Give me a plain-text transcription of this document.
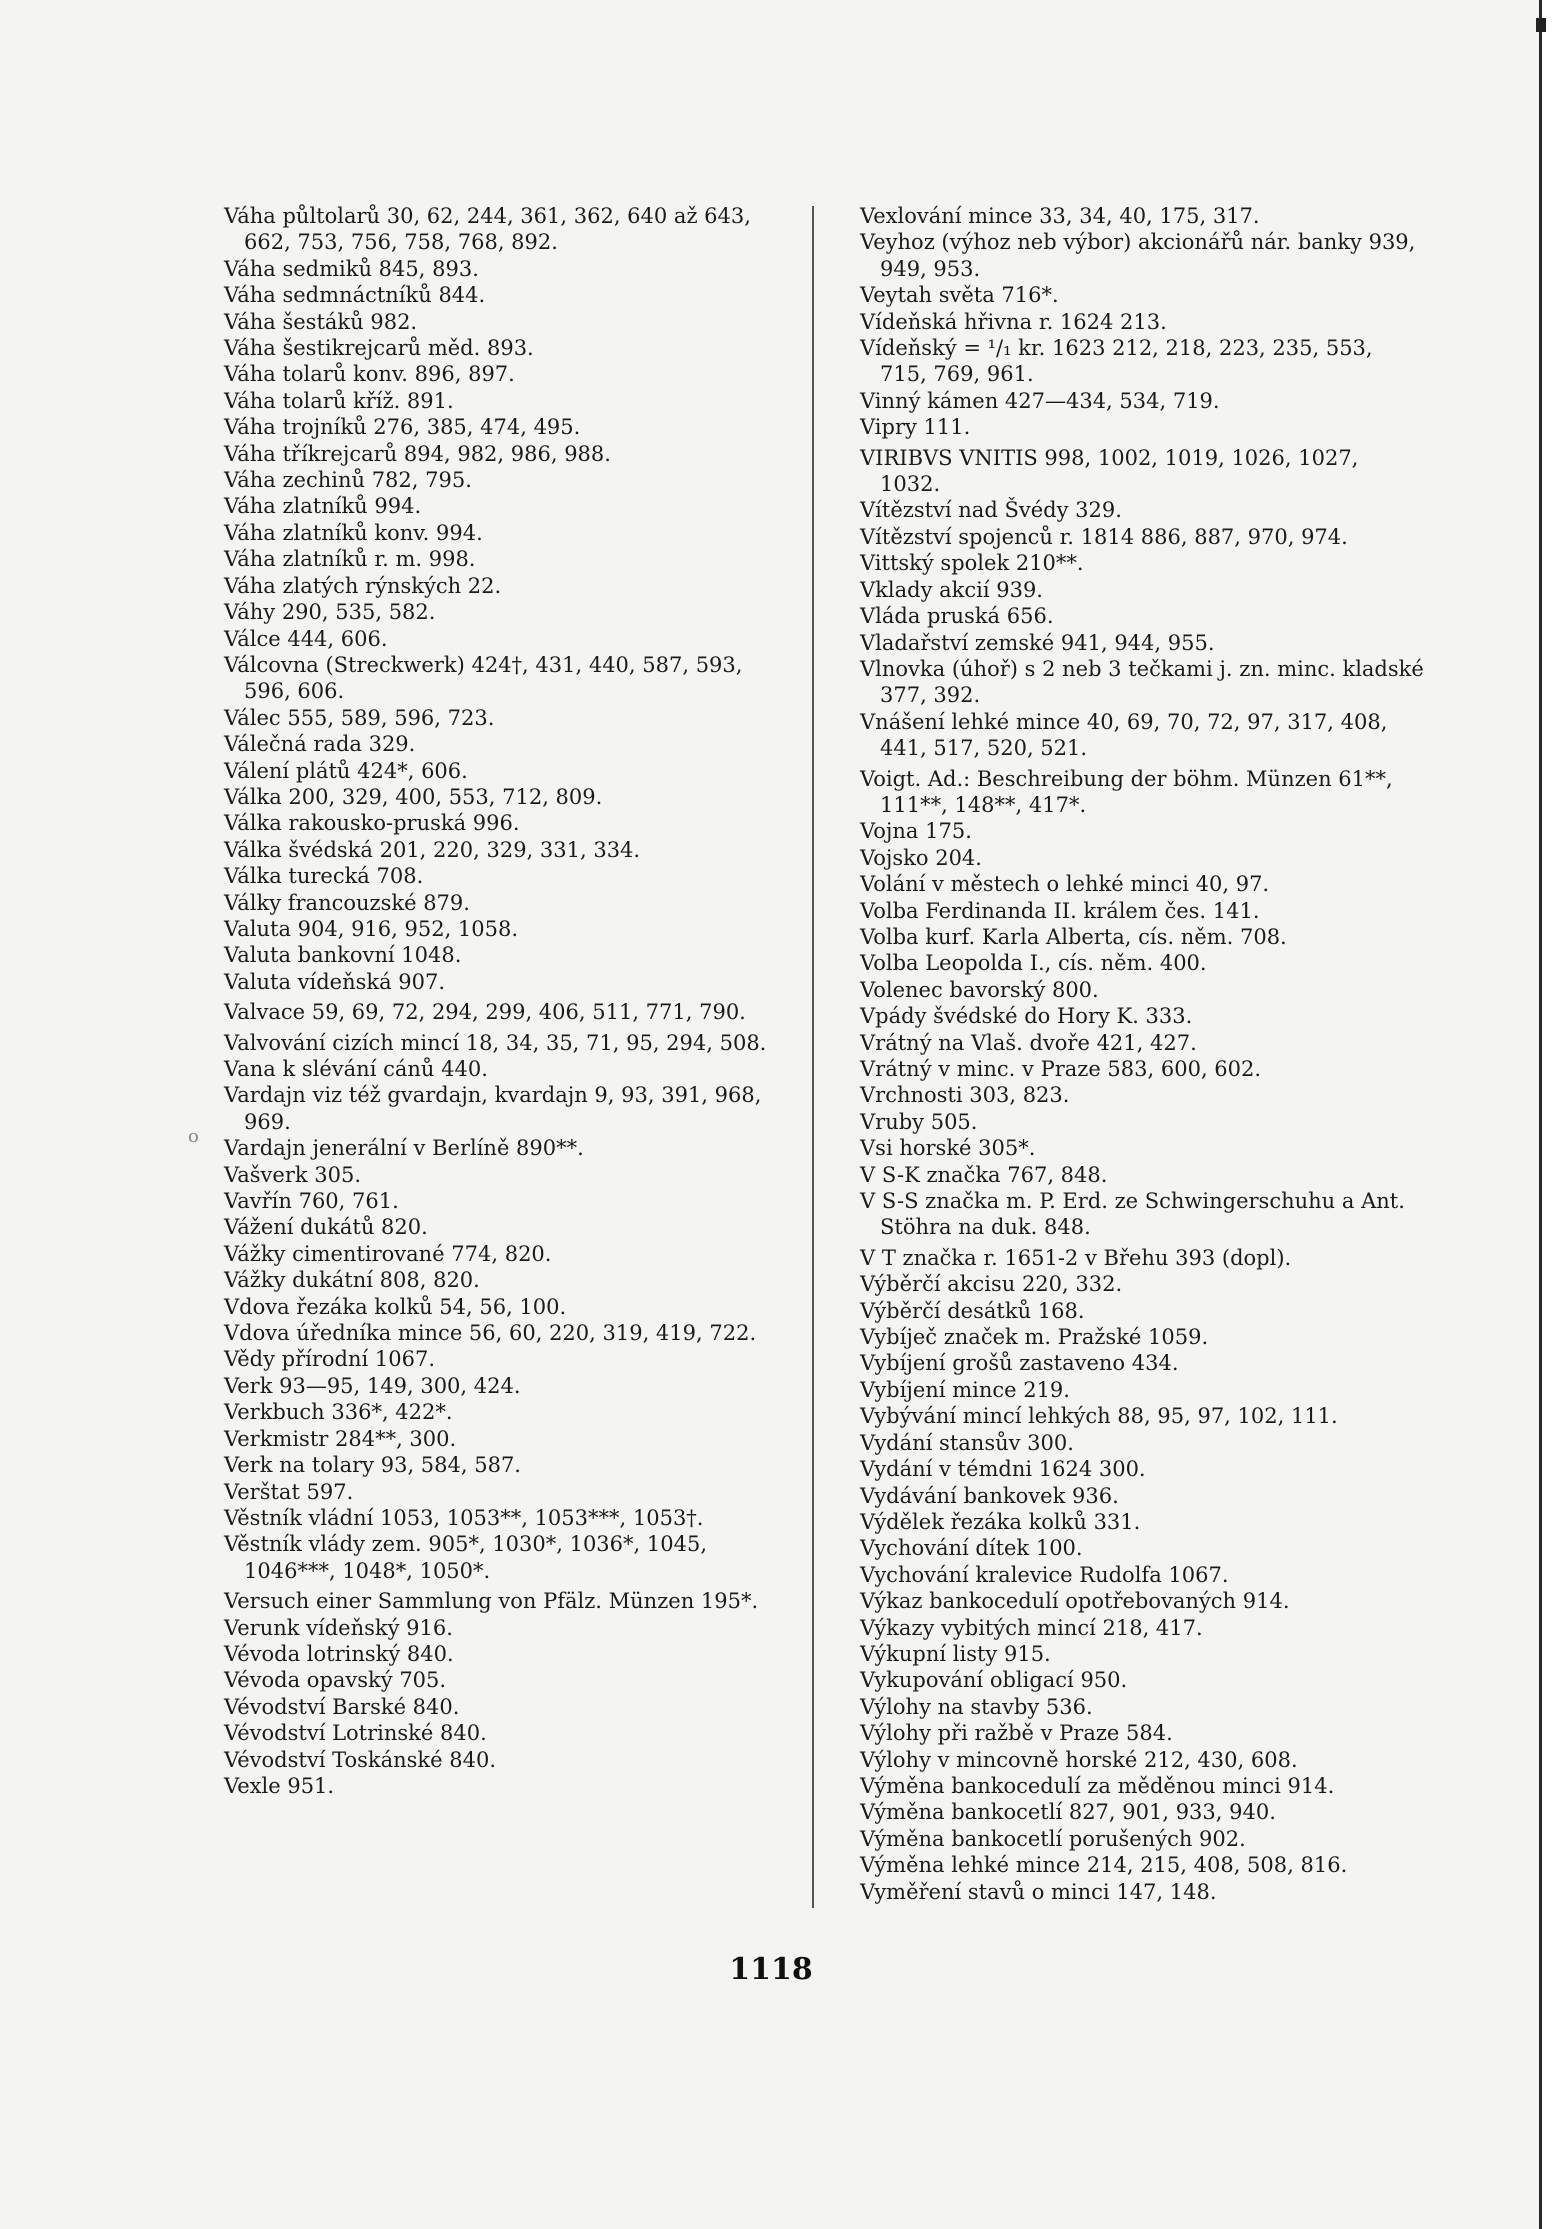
Váha půltolarů 30, 62, 244, 361, 362, 640 až 643, 662, 753, 756, 758, 768, 892.

Váha sedmiků 845, 893.

Váha sedmnáctníků 844.

Váha šestáků 982.

Váha šestikrejcarů měd. 893.

Váha tolarů konv. 896, 897.

Váha tolarů kříž. 891.

Váha trojníků 276, 385, 474, 495.

Váha tříkrejcarů 894, 982, 986, 988.

Váha zechinů 782, 795.

Váha zlatníků 994.

Váha zlatníků konv. 994.

Váha zlatníků r. m. 998.

Váha zlatých rýnských 22.

Váhy 290, 535, 582.

Válce 444, 606.

Válcovna (Streckwerk) 424†, 431, 440, 587, 593, 596, 606.

Válec 555, 589, 596, 723.

Válečná rada 329.

Válení plátů 424*, 606.

Válka 200, 329, 400, 553, 712, 809.

Válka rakousko-pruská 996.

Válka švédská 201, 220, 329, 331, 334.

Válka turecká 708.

Války francouzské 879.

Valuta 904, 916, 952, 1058.

Valuta bankovní 1048.

Valuta vídeňská 907.

Valvace 59, 69, 72, 294, 299, 406, 511, 771, 790.

Valvování cizích mincí 18, 34, 35, 71, 95, 294, 508.

Vana k slévání cánů 440.

Vardajn viz též gvardajn, kvardajn 9, 93, 391, 968, 969.

Vardajn jenerální v Berlíně 890**.

Vašverk 305.

Vavřín 760, 761.

Vážení dukátů 820.

Vážky cimentirované 774, 820.

Vážky dukátní 808, 820.

Vdova řezáka kolků 54, 56, 100.

Vdova úředníka mince 56, 60, 220, 319, 419, 722.

Vědy přírodní 1067.

Verk 93—95, 149, 300, 424.

Verkbuch 336*, 422*.

Verkmistr 284**, 300.

Verk na tolary 93, 584, 587.

Verštat 597.

Věstník vládní 1053, 1053**, 1053***, 1053†.

Věstník vlády zem. 905*, 1030*, 1036*, 1045, 1046***, 1048*, 1050*.

Versuch einer Sammlung von Pfälz. Münzen 195*.

Verunk vídeňský 916.

Vévoda lotrinský 840.

Vévoda opavský 705.

Vévodství Barské 840.

Vévodství Lotrinské 840.

Vévodství Toskánské 840.

Vexle 951.

Vexlování mince 33, 34, 40, 175, 317.

Veyhoz (výhoz neb výbor) akcionářů nár. banky 939, 949, 953.

Veytah světa 716*.

Vídeňská hřivna r. 1624 213.

Vídeňský = ¹/₁ kr. 1623 212, 218, 223, 235, 553, 715, 769, 961.

Vinný kámen 427—434, 534, 719.

Vipry 111.

VIRIBVS VNITIS 998, 1002, 1019, 1026, 1027, 1032.

Vítězství nad Švédy 329.

Vítězství spojenců r. 1814 886, 887, 970, 974.

Vittský spolek 210**.

Vklady akcií 939.

Vláda pruská 656.

Vladařství zemské 941, 944, 955.

Vlnovka (úhoř) s 2 neb 3 tečkami j. zn. minc. kladské 377, 392.

Vnášení lehké mince 40, 69, 70, 72, 97, 317, 408, 441, 517, 520, 521.

Voigt. Ad.: Beschreibung der böhm. Münzen 61**, 111**, 148**, 417*.

Vojna 175.

Vojsko 204.

Volání v městech o lehké minci 40, 97.

Volba Ferdinanda II. králem čes. 141.

Volba kurf. Karla Alberta, cís. něm. 708.

Volba Leopolda I., cís. něm. 400.

Volenec bavorský 800.

Vpády švédské do Hory K. 333.

Vrátný na Vlaš. dvoře 421, 427.

Vrátný v minc. v Praze 583, 600, 602.

Vrchnosti 303, 823.

Vruby 505.

Vsi horské 305*.

V S-K značka 767, 848.

V S-S značka m. P. Erd. ze Schwingerschuhu a Ant. Stöhra na duk. 848.

V T značka r. 1651-2 v Břehu 393 (dopl).

Výběrčí akcisu 220, 332.

Výběrčí desátků 168.

Vybíječ značek m. Pražské 1059.

Vybíjení grošů zastaveno 434.

Vybíjení mince 219.

Vybývání mincí lehkých 88, 95, 97, 102, 111.

Vydání stansův 300.

Vydání v témdni 1624 300.

Vydávání bankovek 936.

Výdělek řezáka kolků 331.

Vychování dítek 100.

Vychování kralevice Rudolfa 1067.

Výkaz bankocedulí opotřebovaných 914.

Výkazy vybitých mincí 218, 417.

Výkupní listy 915.

Vykupování obligací 950.

Výlohy na stavby 536.

Výlohy při ražbě v Praze 584.

Výlohy v mincovně horské 212, 430, 608.

Výměna bankocedulí za měděnou minci 914.

Výměna bankocetlí 827, 901, 933, 940.

Výměna bankocetlí porušených 902.

Výměna lehké mince 214, 215, 408, 508, 816.

Vyměření stavů o minci 147, 148.

1118
o
